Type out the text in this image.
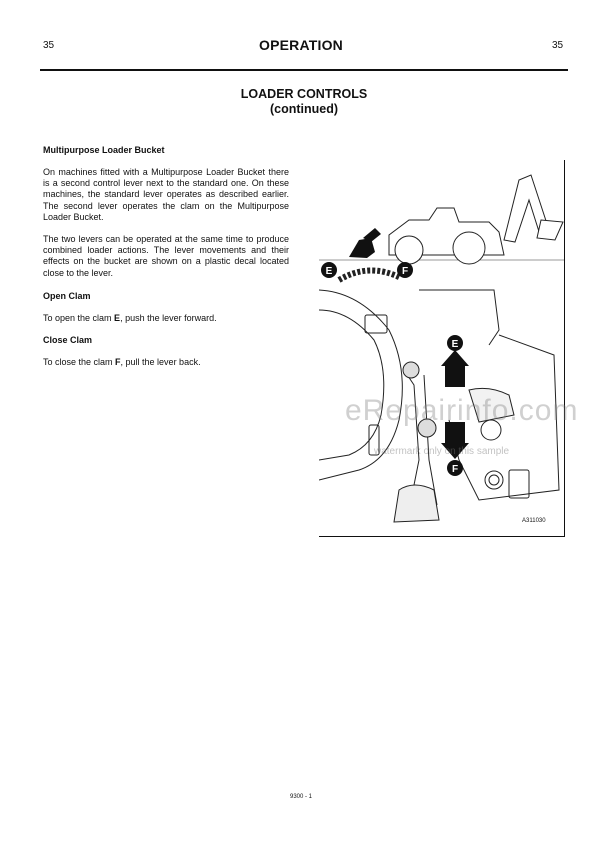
35	OPERATION	35
LOADER CONTROLS
(continued)
Multipurpose Loader Bucket

On machines fitted with a Multipurpose Loader Bucket there is a second control lever next to the standard one. On these machines, the standard lever operates as described earlier. The second lever operates the clam on the Multipurpose Loader Bucket.

The two levers can be operated at the same time to produce combined loader actions. The lever movements and their effects on the bucket are shown on a plastic decal located close to the lever.

Open Clam
To open the clam E, push the lever forward.
Close Clam
To close the clam F, pull the lever back.
E	F
E
F
A311030
eRepairinfo.com
watermark only on this sample
9300 - 1
